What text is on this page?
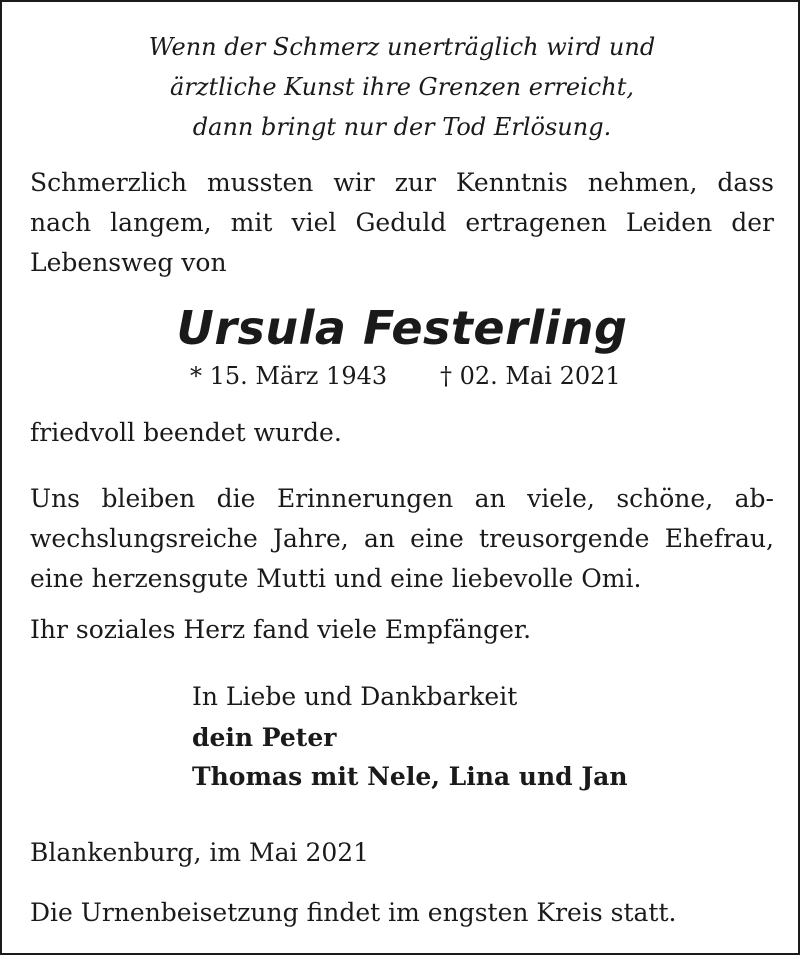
Wenn der Schmerz unerträglich wird und
ärztliche Kunst ihre Grenzen erreicht,
dann bringt nur der Tod Erlösung.
Schmerzlich mussten wir zur Kenntnis nehmen, dass
nach langem, mit viel Geduld ertragenen Leiden der
Lebensweg von
Ursula Festerling
* 15. März 1943 † 02. Mai 2021
friedvoll beendet wurde.
Uns bleiben die Erinnerungen an viele, schöne, ab-
wechslungsreiche Jahre, an eine treusorgende Ehefrau,
eine herzensgute Mutti und eine liebevolle Omi.
Ihr soziales Herz fand viele Empfänger.
In Liebe und Dankbarkeit
dein Peter
Thomas mit Nele, Lina und Jan
Blankenburg, im Mai 2021
Die Urnenbeisetzung findet im engsten Kreis statt.
